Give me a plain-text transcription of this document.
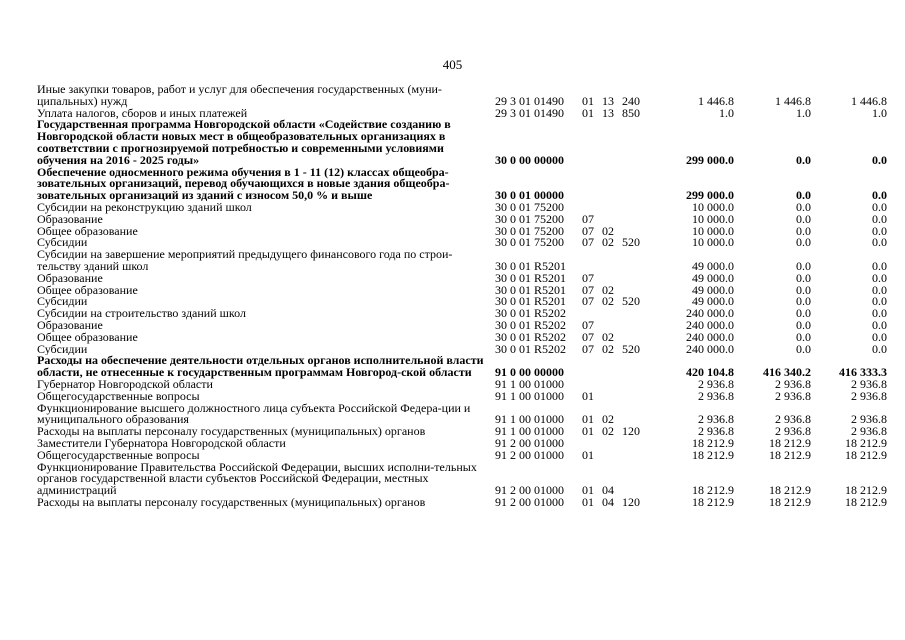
405
Иные закупки товаров, работ и услуг для обеспечения государственных (муни-ципальных) нужд	29 3 01 01490	01	13	240	1 446.8	1 446.8	1 446.8
Уплата налогов, сборов и иных платежей	29 3 01 01490	01	13	850	1.0	1.0	1.0
Государственная программа Новгородской области «Содействие созданию в Новгородской области новых мест в общеобразовательных организациях в соответствии с прогнозируемой потребностью и современными условиями обучения на 2016 - 2025 годы»	30 0 00 00000				299 000.0	0.0	0.0
Обеспечение односменного режима обучения в 1 - 11 (12) классах общеобра-зовательных организаций, перевод обучающихся в новые здания общеобра-зовательных организаций из зданий с износом 50,0 % и выше	30 0 01 00000				299 000.0	0.0	0.0
Субсидии на реконструкцию зданий школ	30 0 01 75200				10 000.0	0.0	0.0
Образование	30 0 01 75200	07			10 000.0	0.0	0.0
Общее образование	30 0 01 75200	07	02		10 000.0	0.0	0.0
Субсидии	30 0 01 75200	07	02	520	10 000.0	0.0	0.0
Субсидии на завершение мероприятий предыдущего финансового года по строи-тельству зданий школ	30 0 01 R5201				49 000.0	0.0	0.0
Образование	30 0 01 R5201	07			49 000.0	0.0	0.0
Общее образование	30 0 01 R5201	07	02		49 000.0	0.0	0.0
Субсидии	30 0 01 R5201	07	02	520	49 000.0	0.0	0.0
Субсидии на строительство зданий школ	30 0 01 R5202				240 000.0	0.0	0.0
Образование	30 0 01 R5202	07			240 000.0	0.0	0.0
Общее образование	30 0 01 R5202	07	02		240 000.0	0.0	0.0
Субсидии	30 0 01 R5202	07	02	520	240 000.0	0.0	0.0
Расходы на обеспечение деятельности отдельных органов исполнительной власти области, не отнесенные к государственным программам Новгород-ской области	91 0 00 00000				420 104.8	416 340.2	416 333.3
Губернатор Новгородской области	91 1 00 01000				2 936.8	2 936.8	2 936.8
Общегосударственные вопросы	91 1 00 01000	01			2 936.8	2 936.8	2 936.8
Функционирование высшего должностного лица субъекта Российской Федера-ции и муниципального образования	91 1 00 01000	01	02		2 936.8	2 936.8	2 936.8
Расходы на выплаты персоналу государственных (муниципальных) органов	91 1 00 01000	01	02	120	2 936.8	2 936.8	2 936.8
Заместители Губернатора Новгородской области	91 2 00 01000				18 212.9	18 212.9	18 212.9
Общегосударственные вопросы	91 2 00 01000	01			18 212.9	18 212.9	18 212.9
Функционирование Правительства Российской Федерации, высших исполни-тельных органов государственной власти субъектов Российской Федерации, местных администраций	91 2 00 01000	01	04		18 212.9	18 212.9	18 212.9
Расходы на выплаты персоналу государственных (муниципальных) органов	91 2 00 01000	01	04	120	18 212.9	18 212.9	18 212.9
